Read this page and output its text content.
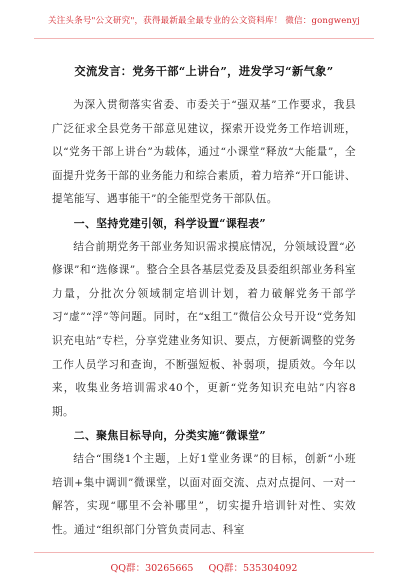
关注头条号"公文研究"，获得最新最全最专业的公文资料库！ 微信：gongwenyj

交流发言：党务干部“上讲台”，进发学习“新气象”

为深入贯彻落实省委、市委关于“强双基”工作要求，我县广泛征求全县党务干部意见建议，探索开设党务工作培训班，以“党务干部上讲台”为载体，通过“小课堂”释放“大能量”，全面提升党务干部的业务能力和综合素质，着力培养“开口能讲、提笔能写、遇事能干”的全能型党务干部队伍。

一、坚持党建引领，科学设置“课程表”

结合前期党务干部业务知识需求摸底情况，分领域设置“必修课”和“选修课”。整合全县各基层党委及县委组织部业务科室力量，分批次分领域制定培训计划，着力破解党务干部学习“虚”“浮”等问题。同时，在“x组工”微信公众号开设“党务知识充电站”专栏，分享党建业务知识、要点，方便新调整的党务工作人员学习和查询，不断强短板、补弱项，提质效。今年以来，收集业务培训需求40个，更新“党务知识充电站”内容8期。

二、聚焦目标导向，分类实施“微课堂”

结合“围绕1个主题，上好1堂业务课”的目标，创新“小班培训+集中调训”微课堂，以面对面交流、点对点提问、一对一解答，实现“哪里不会补哪里”，切实提升培训针对性、实效性。通过“组织部门分管负责同志、科室

QQ群：30265665 QQ群：535304092
